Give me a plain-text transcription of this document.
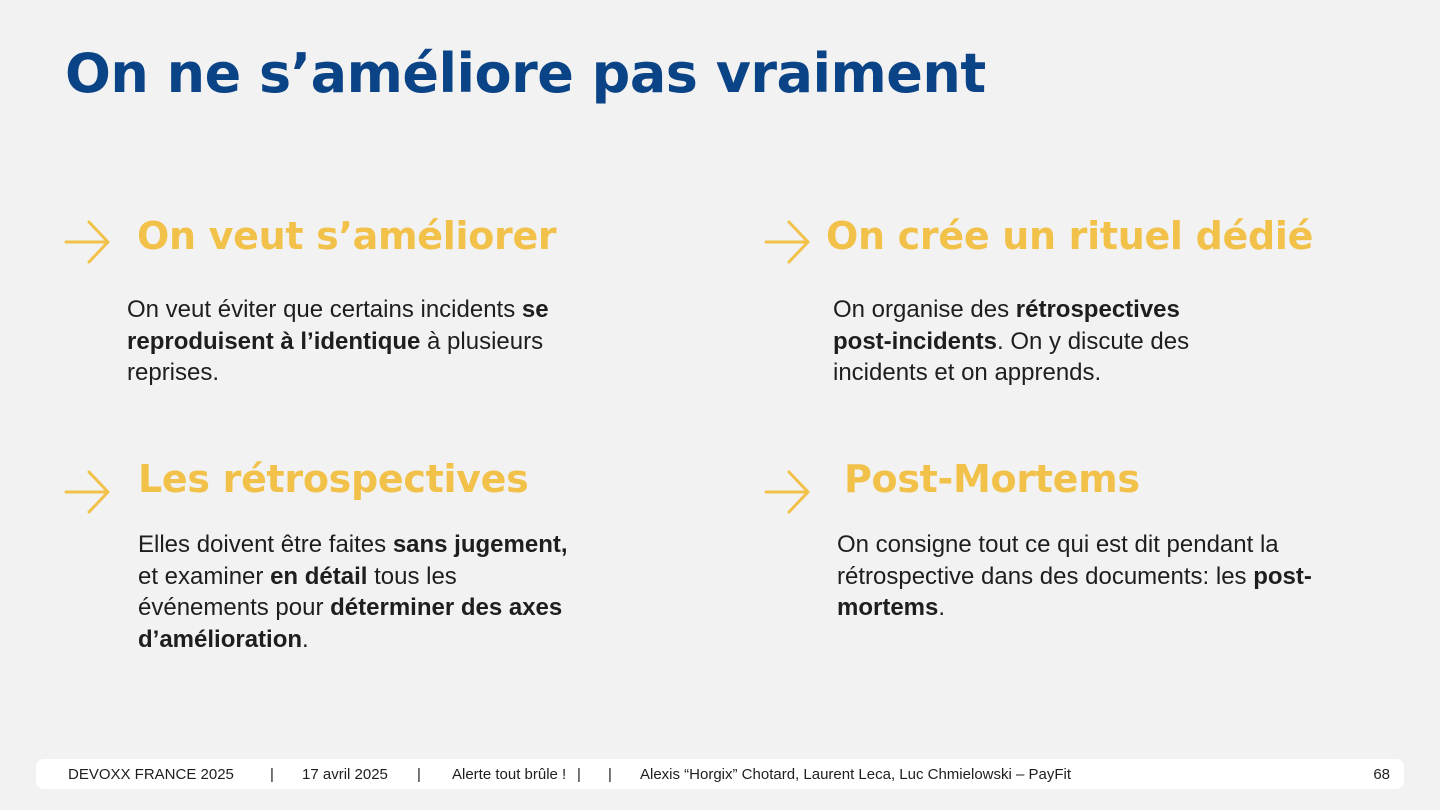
On ne s’améliore pas vraiment
On veut s’améliorer

On veut éviter que certains incidents se reproduisent à l’identique à plusieurs reprises.

On crée un rituel dédié

On organise des rétrospectives post-incidents. On y discute des incidents et on apprends.

Les rétrospectives

Elles doivent être faites sans jugement, et examiner en détail tous les événements pour déterminer des axes d’amélioration.

Post-Mortems

On consigne tout ce qui est dit pendant la rétrospective dans des documents: les post-mortems.

DEVOXX FRANCE 2025 | 17 avril 2025 | Alerte tout brûle ! | | Alexis “Horgix” Chotard, Laurent Leca, Luc Chmielowski – PayFit	68
